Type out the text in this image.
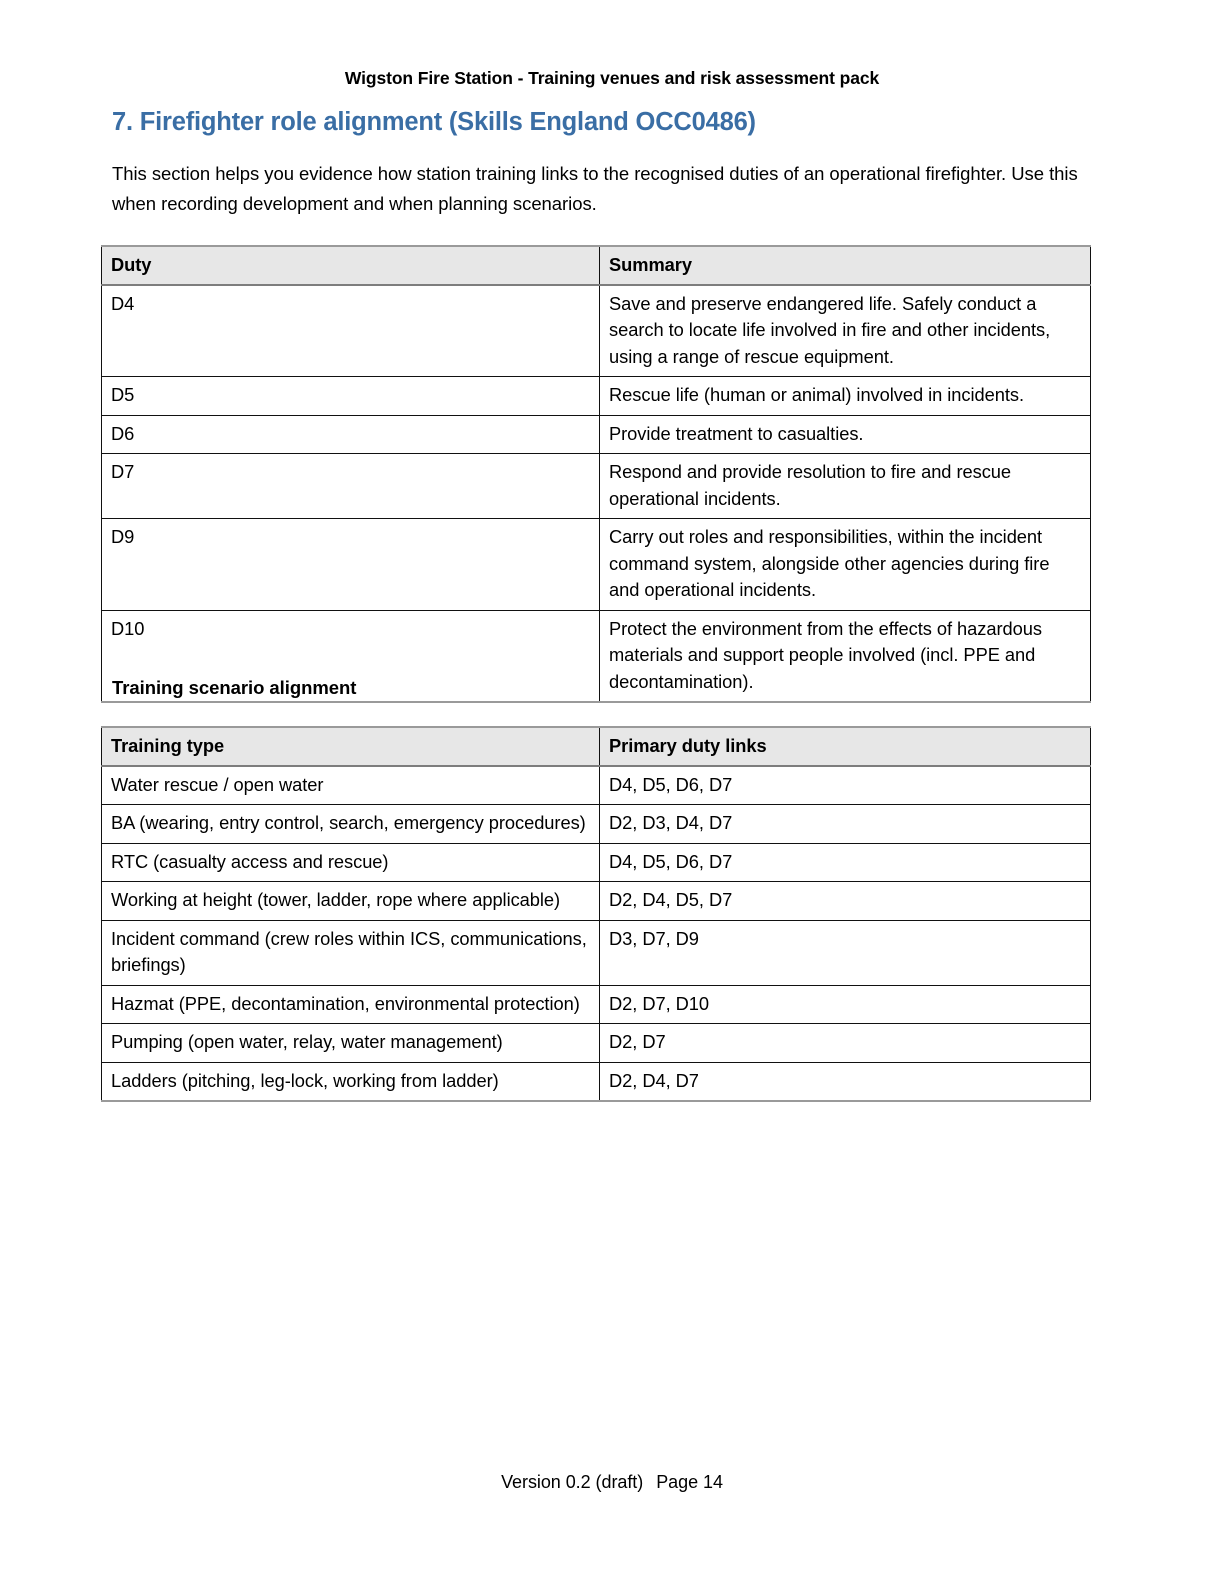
Wigston Fire Station - Training venues and risk assessment pack
7. Firefighter role alignment (Skills England OCC0486)

This section helps you evidence how station training links to the recognised duties of an operational firefighter. Use this when recording development and when planning scenarios.

Duty	Summary
D4	Save and preserve endangered life. Safely conduct a search to locate life involved in fire and other incidents, using a range of rescue equipment.
D5	Rescue life (human or animal) involved in incidents.
D6	Provide treatment to casualties.
D7	Respond and provide resolution to fire and rescue operational incidents.
D9	Carry out roles and responsibilities, within the incident command system, alongside other agencies during fire and operational incidents.
D10	Protect the environment from the effects of hazardous materials and support people involved (incl. PPE and decontamination).
Training scenario alignment
Training type	Primary duty links
Water rescue / open water	D4, D5, D6, D7
BA (wearing, entry control, search, emergency procedures)	D2, D3, D4, D7
RTC (casualty access and rescue)	D4, D5, D6, D7
Working at height (tower, ladder, rope where applicable)	D2, D4, D5, D7
Incident command (crew roles within ICS, communications, briefings)	D3, D7, D9
Hazmat (PPE, decontamination, environmental protection)	D2, D7, D10
Pumping (open water, relay, water management)	D2, D7
Ladders (pitching, leg-lock, working from ladder)	D2, D4, D7
Version 0.2 (draft) Page 14
